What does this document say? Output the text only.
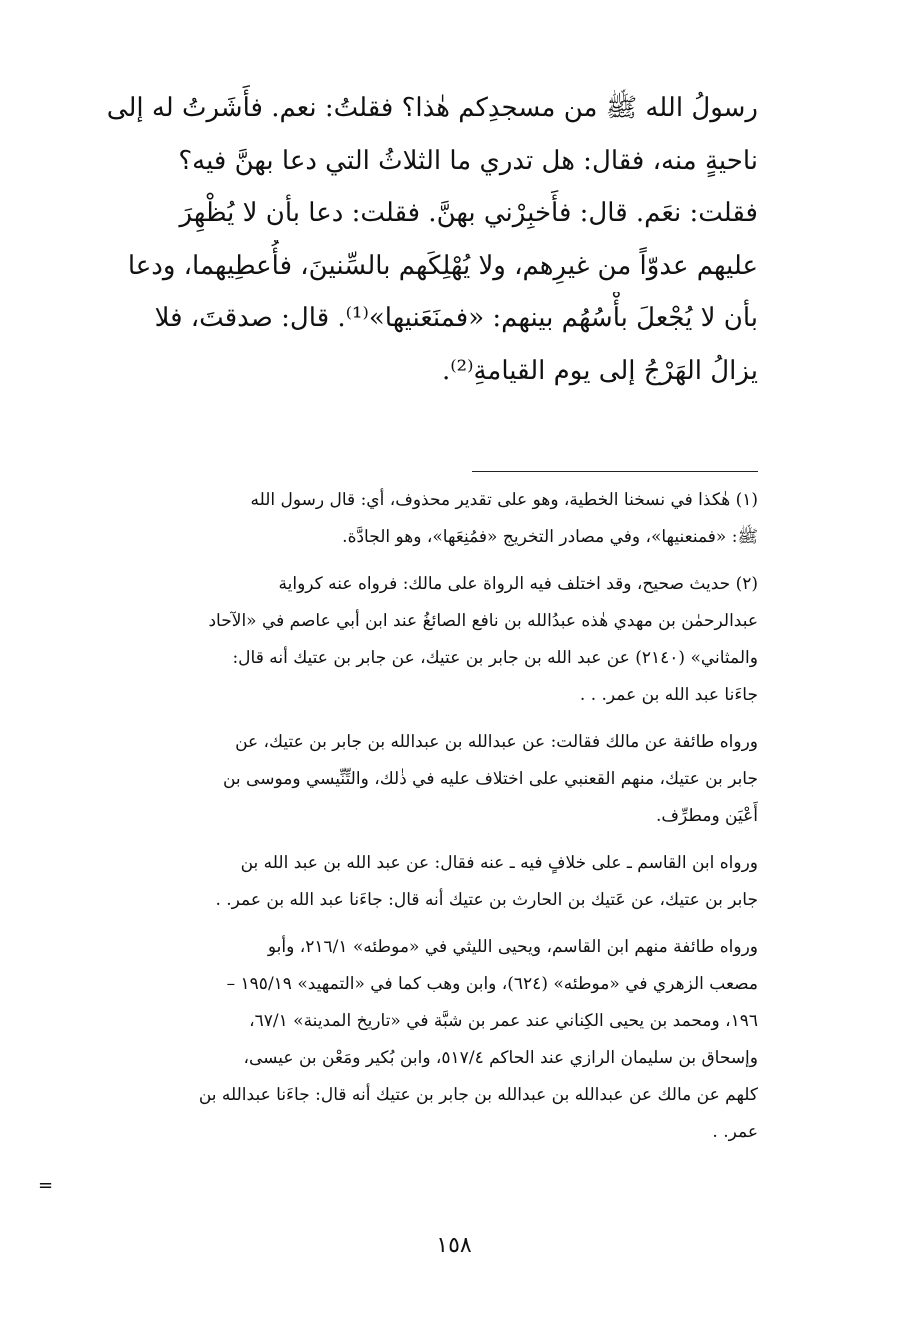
رسولُ الله ﷺ من مسجدِكم هٰذا؟ فقلتُ: نعم. فأَشَرتُ له إلى
ناحيةٍ منه، فقال: هل تدري ما الثلاثُ التي دعا بهنَّ فيه؟
فقلت: نعَم. قال: فأَخبِرْني بهنَّ. فقلت: دعا بأن لا يُظْهِرَ
عليهم عدوّاً من غيرِهم، ولا يُهْلِكَهم بالسِّنينَ، فأُعطِيهما، ودعا
بأن لا يُجْعلَ بأْسُهُم بينهم: «فمنَعَنيها»⁽¹⁾. قال: صدقتَ، فلا
يزالُ الهَرْجُ إلى يوم القيامةِ⁽²⁾.
(١) هٰكذا في نسخنا الخطية، وهو على تقدير محذوف، أي: قال رسول الله
ﷺ: «فمنعنيها»، وفي مصادر التخريج «فمُنِعَها»، وهو الجادَّة.
(٢) حديث صحيح، وقد اختلف فيه الرواة على مالك: فرواه عنه كرواية
عبدالرحمٰن بن مهدي هٰذه عبدُالله بن نافع الصائغُ عند ابن أبي عاصم في «الآحاد
والمثاني» (٢١٤٠) عن عبد الله بن جابر بن عتيك، عن جابر بن عتيك أنه قال:
جاءَنا عبد الله بن عمر. . .
ورواه طائفة عن مالك فقالت: عن عبدالله بن عبدالله بن جابر بن عتيك، عن
جابر بن عتيك، منهم القعنبي على اختلاف عليه في ذٰلك، والتِّنِّيسي وموسى بن
أَعْيَن ومطرِّف.
ورواه ابن القاسم ـ على خلافٍ فيه ـ عنه فقال: عن عبد الله بن عبد الله بن
جابر بن عتيك، عن عَتيك بن الحارث بن عتيك أنه قال: جاءَنا عبد الله بن عمر. .
ورواه طائفة منهم ابن القاسم، ويحيى الليثي في «موطئه» ١/‏٢١٦، وأبو
مصعب الزهري في «موطئه» (٦٢٤)، وابن وهب كما في «التمهيد» ١٩/‏١٩٥ –
١٩٦، ومحمد بن يحيى الكِناني عند عمر بن شبَّة في «تاريخ المدينة» ١/‏٦٧،
وإسحاق بن سليمان الرازي عند الحاكم ٤/‏٥١٧، وابن بُكير ومَعْن بن عيسى،
كلهم عن مالك عن عبدالله بن عبدالله بن جابر بن عتيك أنه قال: جاءَنا عبدالله بن
عمر. .
=
١٥٨
